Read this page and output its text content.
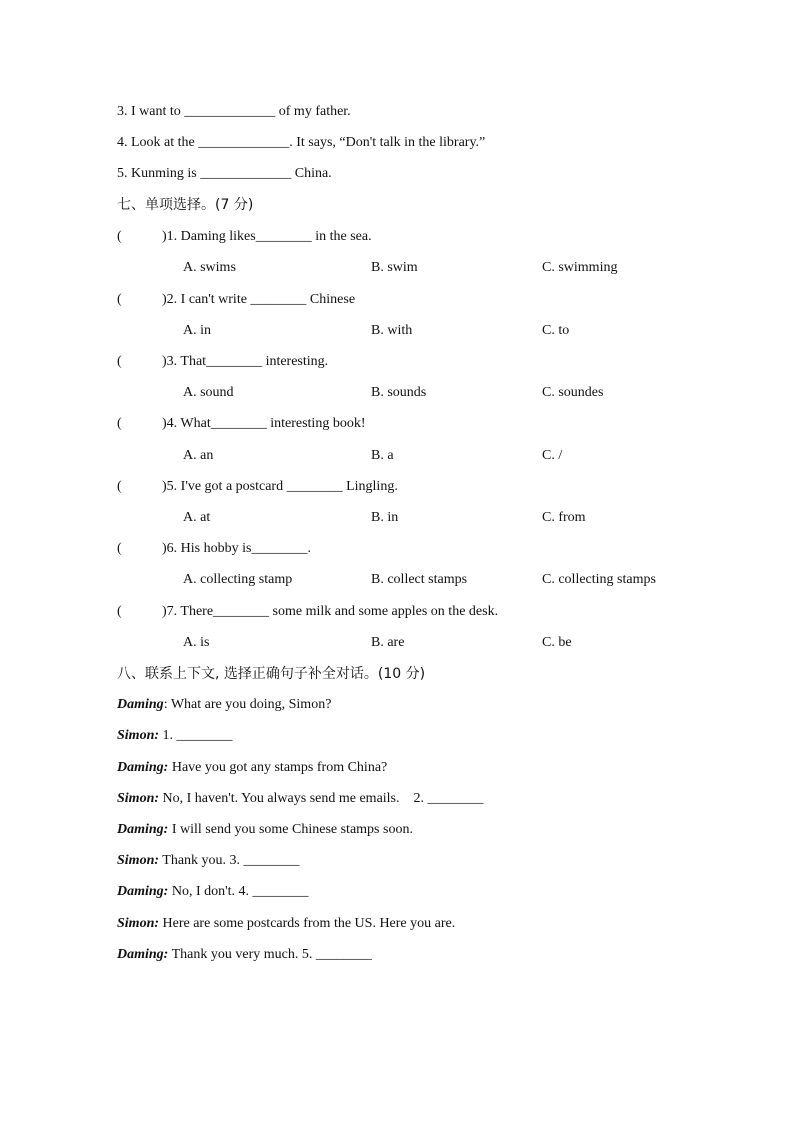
3. I want to _____________ of my father.
4. Look at the _____________. It says, “Don't talk in the library.”
5. Kunming is _____________ China.
七、单项选择。(7 分)
(	)1. Daming likes________ in the sea.
A. swims	B. swim	C. swimming
(	)2. I can't write ________ Chinese
A. in	B. with	C. to
(	)3. That________ interesting.
A. sound	B. sounds	C. soundes
(	)4. What________ interesting book!
A. an	B. a	C. /
(	)5. I've got a postcard ________ Lingling.
A. at	B. in	C. from
(	)6. His hobby is________.
A. collecting stamp	B. collect stamps	C. collecting stamps
(	)7. There________ some milk and some apples on the desk.
A. is	B. are	C. be
八、联系上下文, 选择正确句子补全对话。(10 分)
Daming: What are you doing, Simon?
Simon: 1. ________
Daming: Have you got any stamps from China?
Simon: No, I haven't. You always send me emails.    2. ________
Daming: I will send you some Chinese stamps soon.
Simon: Thank you. 3. ________
Daming: No, I don't. 4. ________
Simon: Here are some postcards from the US. Here you are.
Daming: Thank you very much. 5. ________
